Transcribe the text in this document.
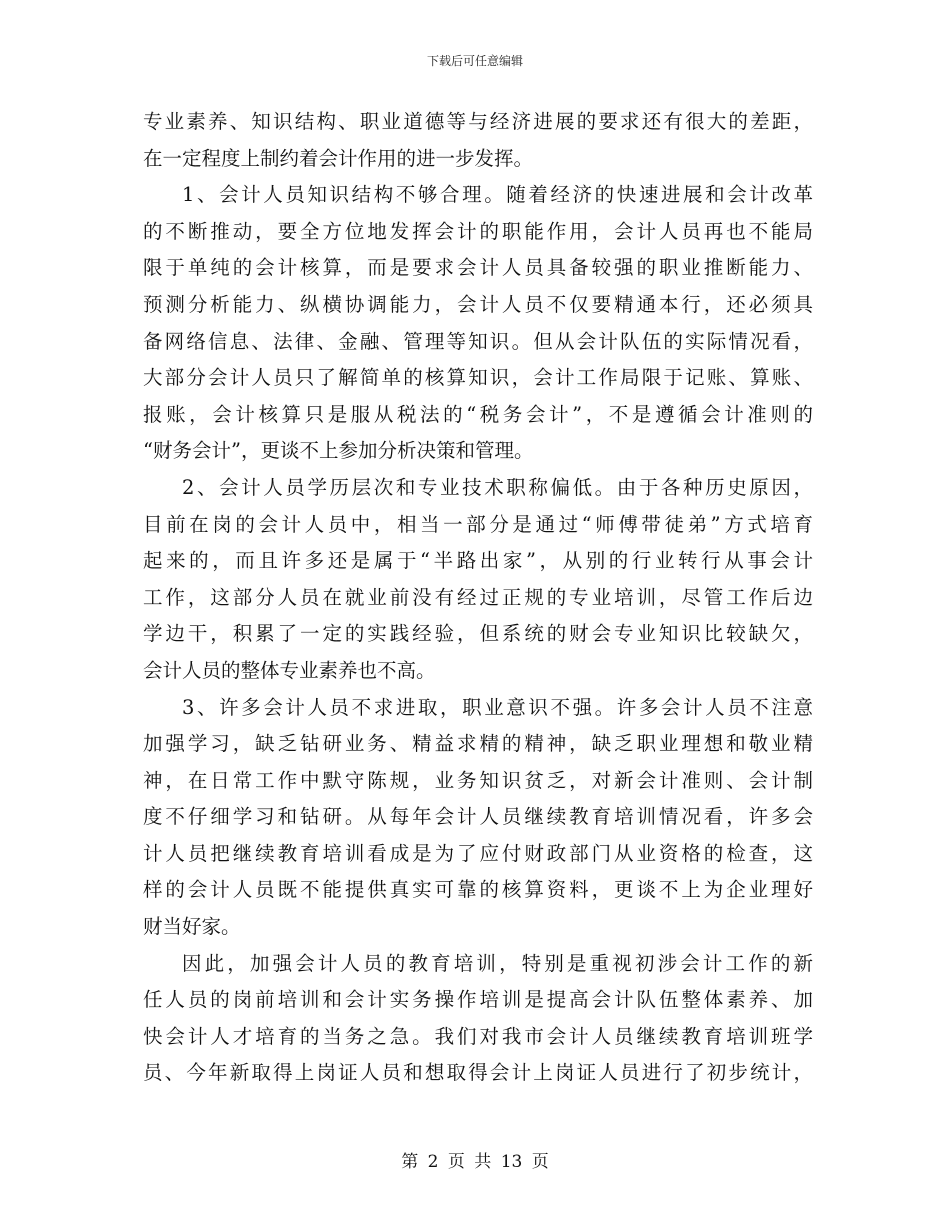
下载后可任意编辑
专业素养、知识结构、职业道德等与经济进展的要求还有很大的差距，
在一定程度上制约着会计作用的进一步发挥。
1、会计人员知识结构不够合理。随着经济的快速进展和会计改革
的不断推动，要全方位地发挥会计的职能作用，会计人员再也不能局
限于单纯的会计核算，而是要求会计人员具备较强的职业推断能力、
预测分析能力、纵横协调能力，会计人员不仅要精通本行，还必须具
备网络信息、法律、金融、管理等知识。但从会计队伍的实际情况看，
大部分会计人员只了解简单的核算知识，会计工作局限于记账、算账、
报账，会计核算只是服从税法的“税务会计”，不是遵循会计准则的
“财务会计”，更谈不上参加分析决策和管理。
2、会计人员学历层次和专业技术职称偏低。由于各种历史原因，
目前在岗的会计人员中，相当一部分是通过“师傅带徒弟”方式培育
起来的，而且许多还是属于“半路出家”，从别的行业转行从事会计
工作，这部分人员在就业前没有经过正规的专业培训，尽管工作后边
学边干，积累了一定的实践经验，但系统的财会专业知识比较缺欠，
会计人员的整体专业素养也不高。
3、许多会计人员不求进取，职业意识不强。许多会计人员不注意
加强学习，缺乏钻研业务、精益求精的精神，缺乏职业理想和敬业精
神，在日常工作中默守陈规，业务知识贫乏，对新会计准则、会计制
度不仔细学习和钻研。从每年会计人员继续教育培训情况看，许多会
计人员把继续教育培训看成是为了应付财政部门从业资格的检查，这
样的会计人员既不能提供真实可靠的核算资料，更谈不上为企业理好
财当好家。
因此，加强会计人员的教育培训，特别是重视初涉会计工作的新
任人员的岗前培训和会计实务操作培训是提高会计队伍整体素养、加
快会计人才培育的当务之急。我们对我市会计人员继续教育培训班学
员、今年新取得上岗证人员和想取得会计上岗证人员进行了初步统计，
第 2 页 共 13 页
